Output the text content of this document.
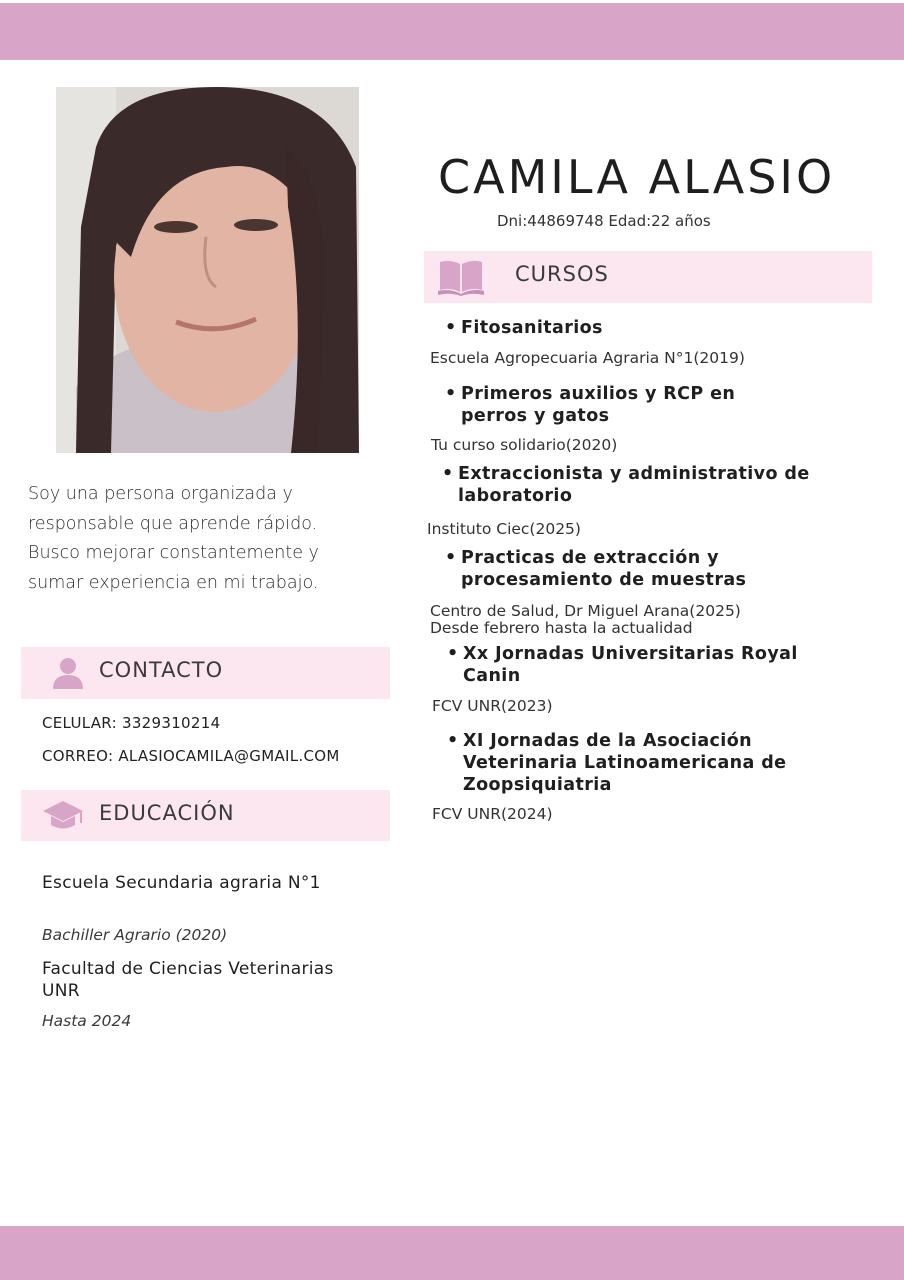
Soy una persona organizada y responsable que aprende rápido. Busco mejorar constantemente y sumar experiencia en mi trabajo.

CONTACTO
CELULAR: 3329310214
CORREO: ALASIOCAMILA@GMAIL.COM
EDUCACIÓN
Escuela Secundaria agraria N°1
Bachiller Agrario (2020)
Facultad de Ciencias Veterinarias UNR
Hasta 2024
CAMILA ALASIO
Dni:44869748 Edad:22 años
CURSOS
• Fitosanitarios
Escuela Agropecuaria Agraria N°1(2019)
• Primeros auxilios y RCP en perros y gatos
Tu curso solidario(2020)
• Extraccionista y administrativo de laboratorio
Instituto Ciec(2025)
• Practicas de extracción y procesamiento de muestras
Centro de Salud, Dr Miguel Arana(2025)
Desde febrero hasta la actualidad
• Xx Jornadas Universitarias Royal Canin
FCV UNR(2023)
• XI Jornadas de la Asociación Veterinaria Latinoamericana de Zoopsiquiatria
FCV UNR(2024)
